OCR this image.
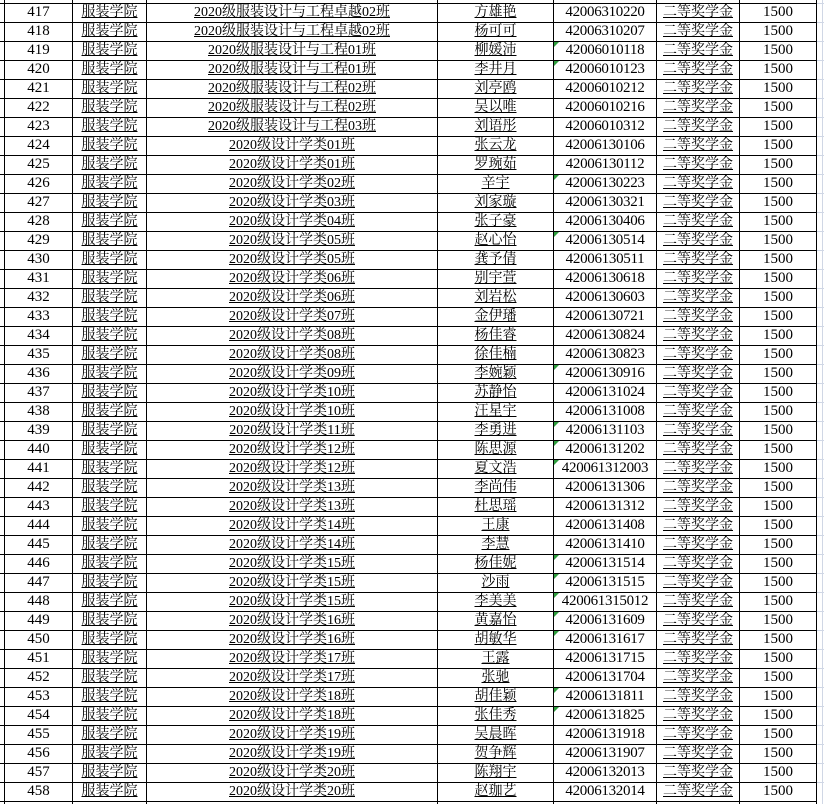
417	服装学院	2020级服装设计与工程卓越02班	方雄艳	42006310220	二等奖学金	1500
418	服装学院	2020级服装设计与工程卓越02班	杨可可	42006310207	二等奖学金	1500
419	服装学院	2020级服装设计与工程01班	柳媛沛	42006010118	二等奖学金	1500
420	服装学院	2020级服装设计与工程01班	李井月	42006010123	二等奖学金	1500
421	服装学院	2020级服装设计与工程02班	刘亭鸥	42006010212	二等奖学金	1500
422	服装学院	2020级服装设计与工程02班	吴以唯	42006010216	二等奖学金	1500
423	服装学院	2020级服装设计与工程03班	刘语彤	42006010312	二等奖学金	1500
424	服装学院	2020级设计学类01班	张云龙	42006130106	二等奖学金	1500
425	服装学院	2020级设计学类01班	罗琬茹	42006130112	二等奖学金	1500
426	服装学院	2020级设计学类02班	辛宇	42006130223	二等奖学金	1500
427	服装学院	2020级设计学类03班	刘家璇	42006130321	二等奖学金	1500
428	服装学院	2020级设计学类04班	张子豪	42006130406	二等奖学金	1500
429	服装学院	2020级设计学类05班	赵心怡	42006130514	二等奖学金	1500
430	服装学院	2020级设计学类05班	龚予倩	42006130511	二等奖学金	1500
431	服装学院	2020级设计学类06班	别宇萱	42006130618	二等奖学金	1500
432	服装学院	2020级设计学类06班	刘岩松	42006130603	二等奖学金	1500
433	服装学院	2020级设计学类07班	金伊璠	42006130721	二等奖学金	1500
434	服装学院	2020级设计学类08班	杨佳睿	42006130824	二等奖学金	1500
435	服装学院	2020级设计学类08班	徐佳楠	42006130823	二等奖学金	1500
436	服装学院	2020级设计学类09班	李婉颖	42006130916	二等奖学金	1500
437	服装学院	2020级设计学类10班	苏静怡	42006131024	二等奖学金	1500
438	服装学院	2020级设计学类10班	汪星宇	42006131008	二等奖学金	1500
439	服装学院	2020级设计学类11班	李勇进	42006131103	二等奖学金	1500
440	服装学院	2020级设计学类12班	陈思源	42006131202	二等奖学金	1500
441	服装学院	2020级设计学类12班	夏文浩	420061312003	二等奖学金	1500
442	服装学院	2020级设计学类13班	李尚伟	42006131306	二等奖学金	1500
443	服装学院	2020级设计学类13班	杜思瑶	42006131312	二等奖学金	1500
444	服装学院	2020级设计学类14班	王康	42006131408	二等奖学金	1500
445	服装学院	2020级设计学类14班	李慧	42006131410	二等奖学金	1500
446	服装学院	2020级设计学类15班	杨佳妮	42006131514	二等奖学金	1500
447	服装学院	2020级设计学类15班	沙雨	42006131515	二等奖学金	1500
448	服装学院	2020级设计学类15班	李美美	420061315012	二等奖学金	1500
449	服装学院	2020级设计学类16班	黄嘉怡	42006131609	二等奖学金	1500
450	服装学院	2020级设计学类16班	胡敏华	42006131617	二等奖学金	1500
451	服装学院	2020级设计学类17班	王露	42006131715	二等奖学金	1500
452	服装学院	2020级设计学类17班	张驰	42006131704	二等奖学金	1500
453	服装学院	2020级设计学类18班	胡佳颖	42006131811	二等奖学金	1500
454	服装学院	2020级设计学类18班	张佳秀	42006131825	二等奖学金	1500
455	服装学院	2020级设计学类19班	吴晨晖	42006131918	二等奖学金	1500
456	服装学院	2020级设计学类19班	贺争辉	42006131907	二等奖学金	1500
457	服装学院	2020级设计学类20班	陈翔宇	42006132013	二等奖学金	1500
458	服装学院	2020级设计学类20班	赵珈艺	42006132014	二等奖学金	1500
